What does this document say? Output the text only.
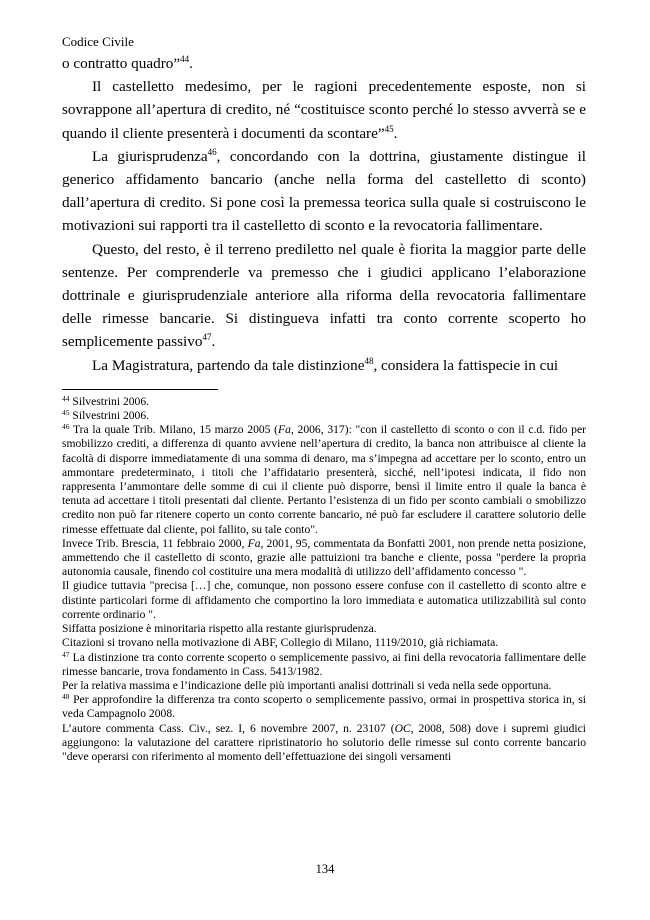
Codice Civile

o contratto quadro”$^{44}$.

Il castelletto medesimo, per le ragioni precedentemente esposte, non si sovrappone all’apertura di credito, né “costituisce sconto perché lo stesso avverrà se e quando il cliente presenterà i documenti da scontare”$^{45}$.

La giurisprudenza$^{46}$, concordando con la dottrina, giustamente distingue il generico affidamento bancario (anche nella forma del castelletto di sconto) dall’apertura di credito. Si pone così la premessa teorica sulla quale si costruiscono le motivazioni sui rapporti tra il castelletto di sconto e la revocatoria fallimentare.

Questo, del resto, è il terreno prediletto nel quale è fiorita la maggior parte delle sentenze. Per comprenderle va premesso che i giudici applicano l’elaborazione dottrinale e giurisprudenziale anteriore alla riforma della revocatoria fallimentare delle rimesse bancarie. Si distingueva infatti tra conto corrente scoperto ho semplicemente passivo$^{47}$.

La Magistratura, partendo da tale distinzione$^{48}$, considera la fattispecie in cui

$^{44}$ Silvestrini 2006.

$^{45}$ Silvestrini 2006.

$^{46}$ Tra la quale Trib. Milano, 15 marzo 2005 (Fa, 2006, 317): "con il castelletto di sconto o con il c.d. fido per smobilizzo crediti, a differenza di quanto avviene nell’apertura di credito, la banca non attribuisce al cliente la facoltà di disporre immediatamente di una somma di denaro, ma s’impegna ad accettare per lo sconto, entro un ammontare predeterminato, i titoli che l’affidatario presenterà, sicché, nell’ipotesi indicata, il fido non rappresenta l’ammontare delle somme di cui il cliente può disporre, bensì il limite entro il quale la banca è tenuta ad accettare i titoli presentati dal cliente. Pertanto l’esistenza di un fido per sconto cambiali o smobilizzo credito non può far ritenere coperto un conto corrente bancario, né può far escludere il carattere solutorio delle rimesse effettuate dal cliente, poi fallito, su tale conto".

Invece Trib. Brescia, 11 febbraio 2000, Fa, 2001, 95, commentata da Bonfatti 2001, non prende netta posizione, ammettendo che il castelletto di sconto, grazie alle pattuizioni tra banche e cliente, possa "perdere la propria autonomia causale, finendo col costituire una mera modalità di utilizzo dell’affidamento concesso ".

Il giudice tuttavia "precisa […] che, comunque, non possono essere confuse con il castelletto di sconto altre e distinte particolari forme di affidamento che comportino la loro immediata e automatica utilizzabilità sul conto corrente ordinario ".

Siffatta posizione è minoritaria rispetto alla restante giurisprudenza.

Citazioni si trovano nella motivazione di ABF, Collegio di Milano, 1119/2010, già richiamata.

$^{47}$ La distinzione tra conto corrente scoperto o semplicemente passivo, ai fini della revocatoria fallimentare delle rimesse bancarie, trova fondamento in Cass. 5413/1982.

Per la relativa massima e l’indicazione delle più importanti analisi dottrinali si veda nella sede opportuna.

$^{48}$ Per approfondire la differenza tra conto scoperto o semplicemente passivo, ormai in prospettiva storica in, si veda Campagnolo 2008.

L’autore commenta Cass. Civ., sez. I, 6 novembre 2007, n. 23107 (OC, 2008, 508) dove i supremi giudici aggiungono: la valutazione del carattere ripristinatorio ho solutorio delle rimesse sul conto corrente bancario "deve operarsi con riferimento al momento dell’effettuazione dei singoli versamenti

134
